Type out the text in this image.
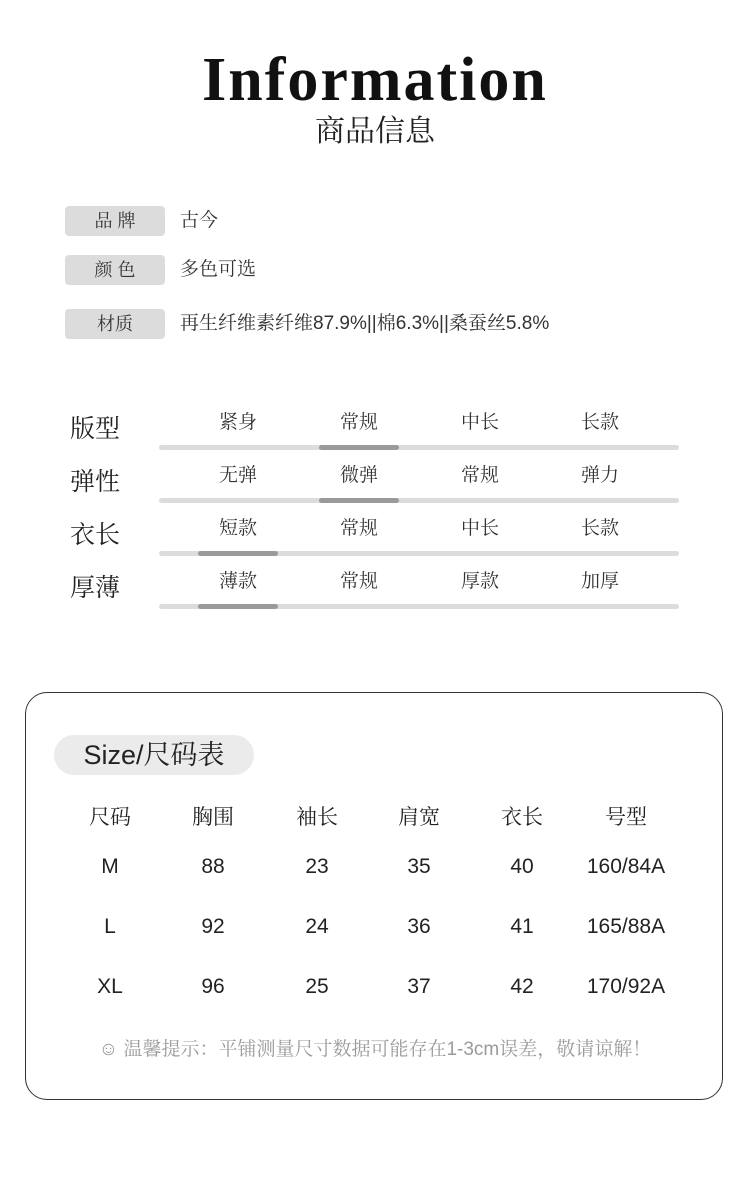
Information
商品信息
品 牌	古今
颜 色	多色可选
材质	再生纤维素纤维87.9%||棉6.3%||桑蚕丝5.8%
版型	紧身	常规	中长	长款
弹性	无弹	微弹	常规	弹力
衣长	短款	常规	中长	长款
厚薄	薄款	常规	厚款	加厚
Size/尺码表
☺ 温馨提示：平铺测量尺寸数据可能存在1-3cm误差，敬请谅解！
尺码	胸围	袖长	肩宽	衣长	号型
M	88	23	35	40	160/84A
L	92	24	36	41	165/88A
XL	96	25	37	42	170/92A
